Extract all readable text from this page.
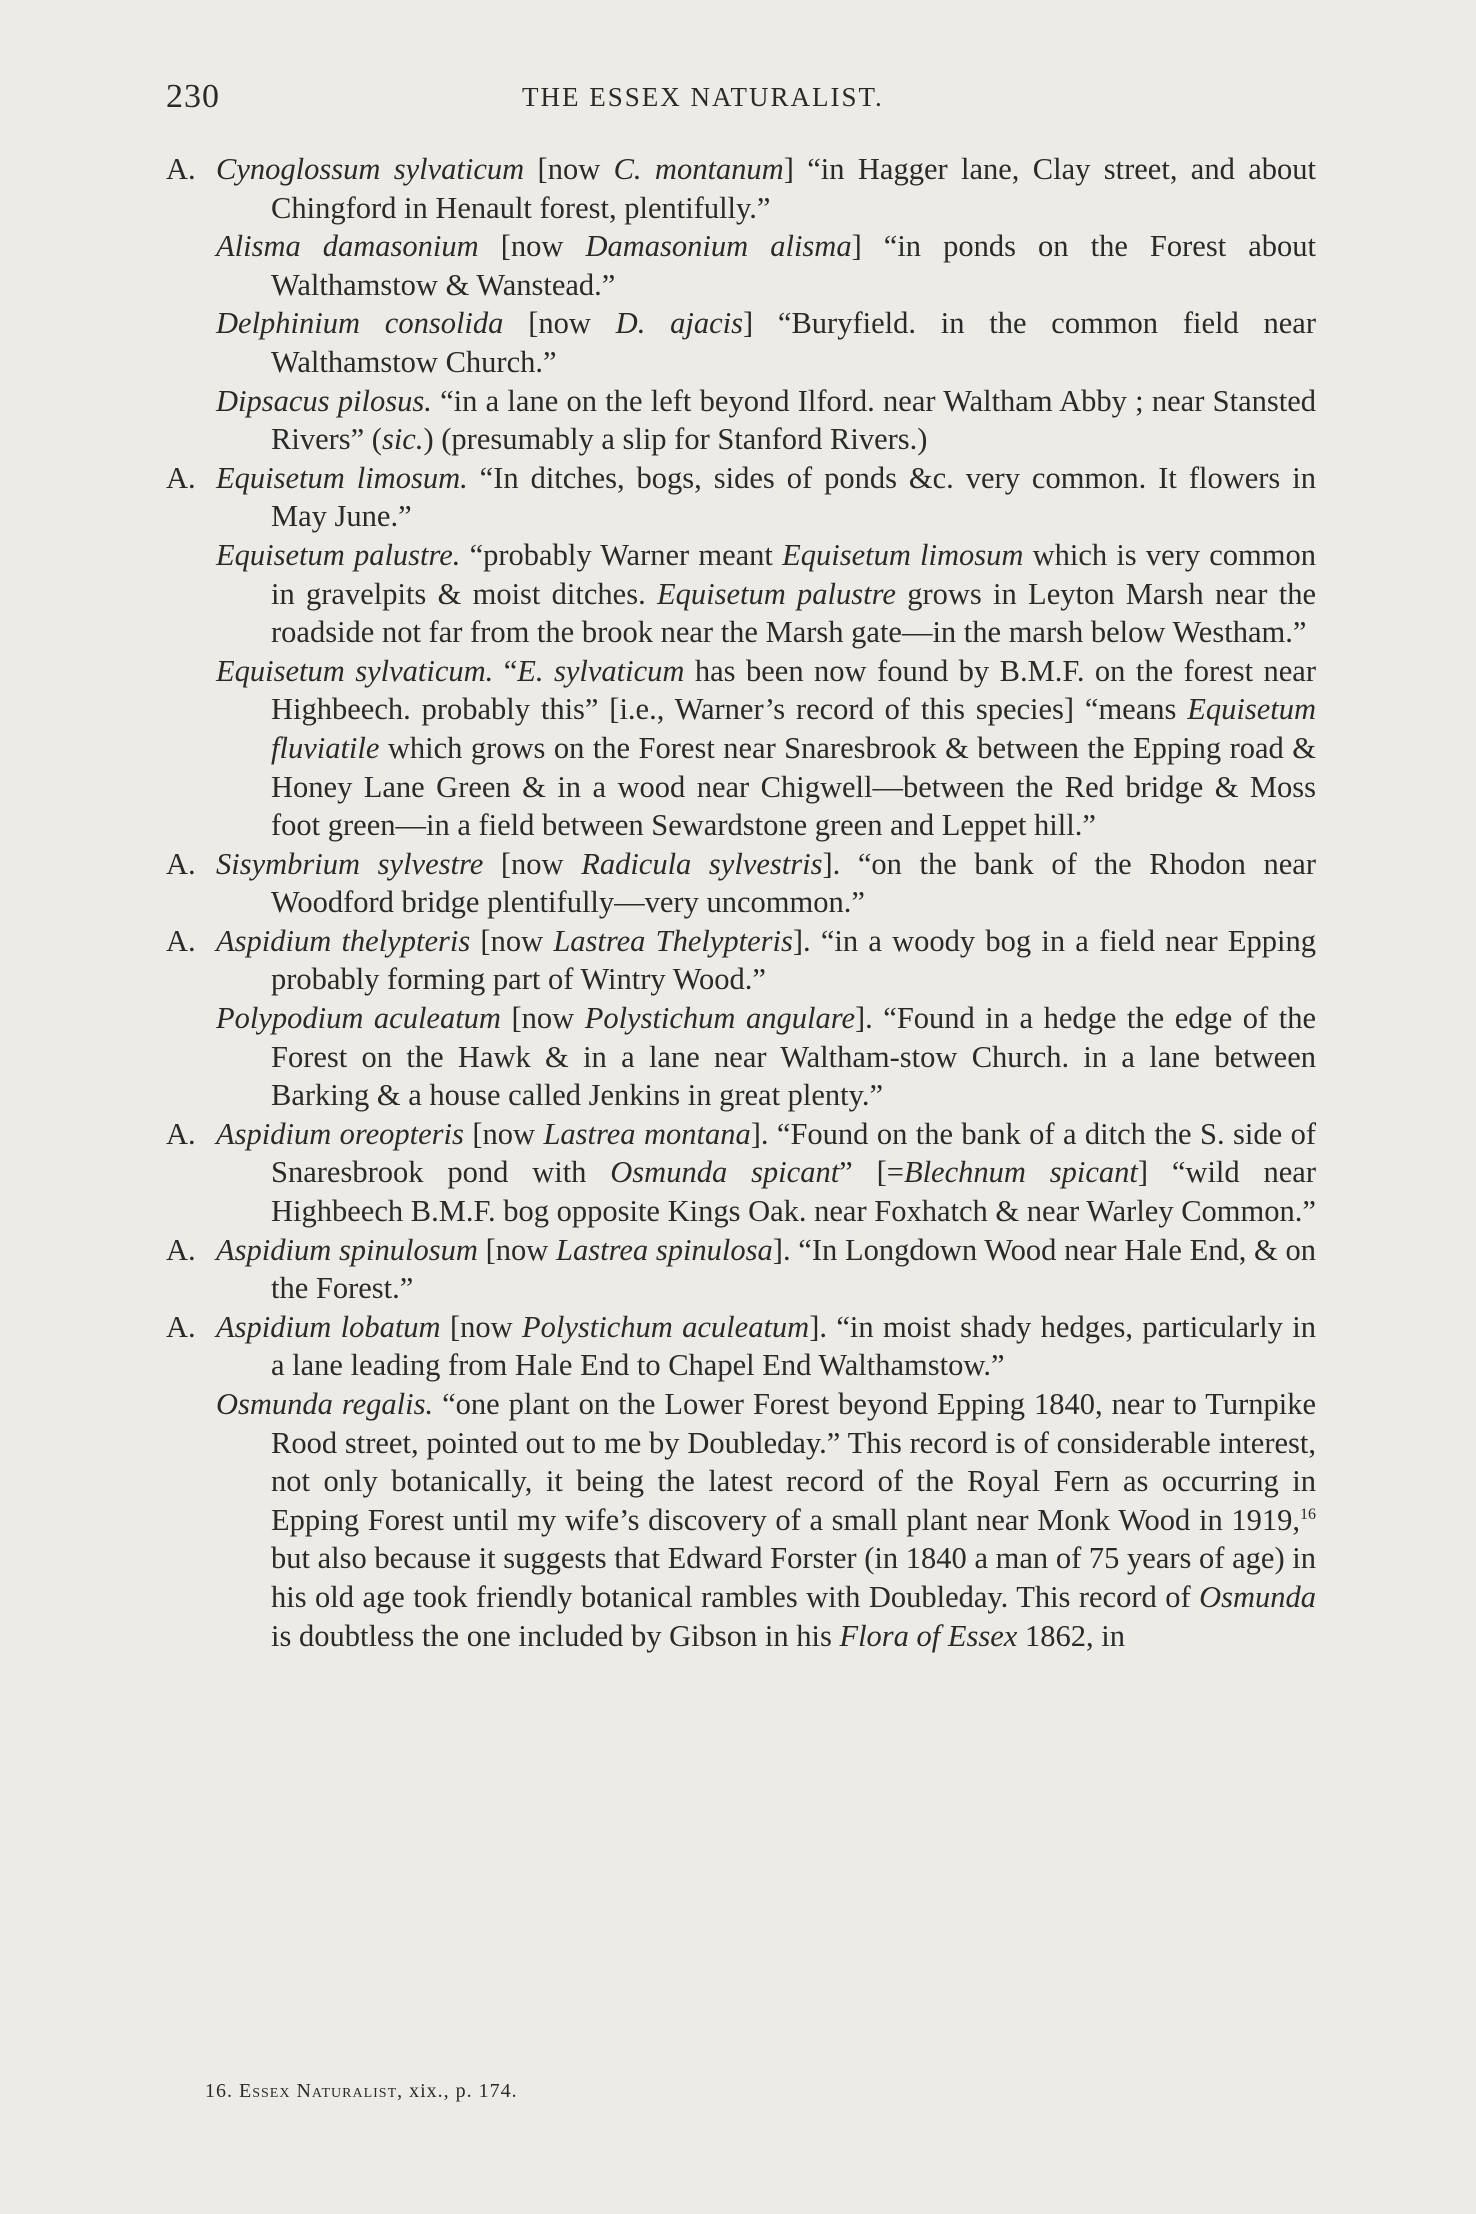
230	THE ESSEX NATURALIST.

A. Cynoglossum sylvaticum [now C. montanum] “in Hagger lane, Clay street, and about Chingford in Henault forest, plentifully.”

Alisma damasonium [now Damasonium alisma] “in ponds on the Forest about Walthamstow & Wanstead.”

Delphinium consolida [now D. ajacis] “Buryfield. in the common field near Walthamstow Church.”

Dipsacus pilosus. “in a lane on the left beyond Ilford. near Waltham Abby ; near Stansted Rivers” (sic.) (presumably a slip for Stanford Rivers.)

A. Equisetum limosum. “In ditches, bogs, sides of ponds &c. very common. It flowers in May June.”

Equisetum palustre. “probably Warner meant Equisetum limosum which is very common in gravelpits & moist ditches. Equisetum palustre grows in Leyton Marsh near the roadside not far from the brook near the Marsh gate—in the marsh below Westham.”

Equisetum sylvaticum. “E. sylvaticum has been now found by B.M.F. on the forest near Highbeech. probably this” [i.e., Warner’s record of this species] “means Equisetum fluviatile which grows on the Forest near Snaresbrook & between the Epping road & Honey Lane Green & in a wood near Chigwell—between the Red bridge & Moss foot green—in a field between Sewardstone green and Leppet hill.”

A. Sisymbrium sylvestre [now Radicula sylvestris]. “on the bank of the Rhodon near Woodford bridge plentifully—very uncommon.”

A. Aspidium thelypteris [now Lastrea Thelypteris]. “in a woody bog in a field near Epping probably forming part of Wintry Wood.”

Polypodium aculeatum [now Polystichum angulare]. “Found in a hedge the edge of the Forest on the Hawk & in a lane near Waltham-stow Church. in a lane between Barking & a house called Jenkins in great plenty.”

A. Aspidium oreopteris [now Lastrea montana]. “Found on the bank of a ditch the S. side of Snaresbrook pond with Osmunda spicant” [=Blechnum spicant] “wild near Highbeech B.M.F. bog opposite Kings Oak. near Foxhatch & near Warley Common.”

A. Aspidium spinulosum [now Lastrea spinulosa]. “In Longdown Wood near Hale End, & on the Forest.”

A. Aspidium lobatum [now Polystichum aculeatum]. “in moist shady hedges, particularly in a lane leading from Hale End to Chapel End Walthamstow.”

Osmunda regalis. “one plant on the Lower Forest beyond Epping 1840, near to Turnpike Rood street, pointed out to me by Doubleday.” This record is of considerable interest, not only botanically, it being the latest record of the Royal Fern as occurring in Epping Forest until my wife’s discovery of a small plant near Monk Wood in 1919,16 but also because it suggests that Edward Forster (in 1840 a man of 75 years of age) in his old age took friendly botanical rambles with Doubleday. This record of Osmunda is doubtless the one included by Gibson in his Flora of Essex 1862, in

16. Essex Naturalist, xix., p. 174.
